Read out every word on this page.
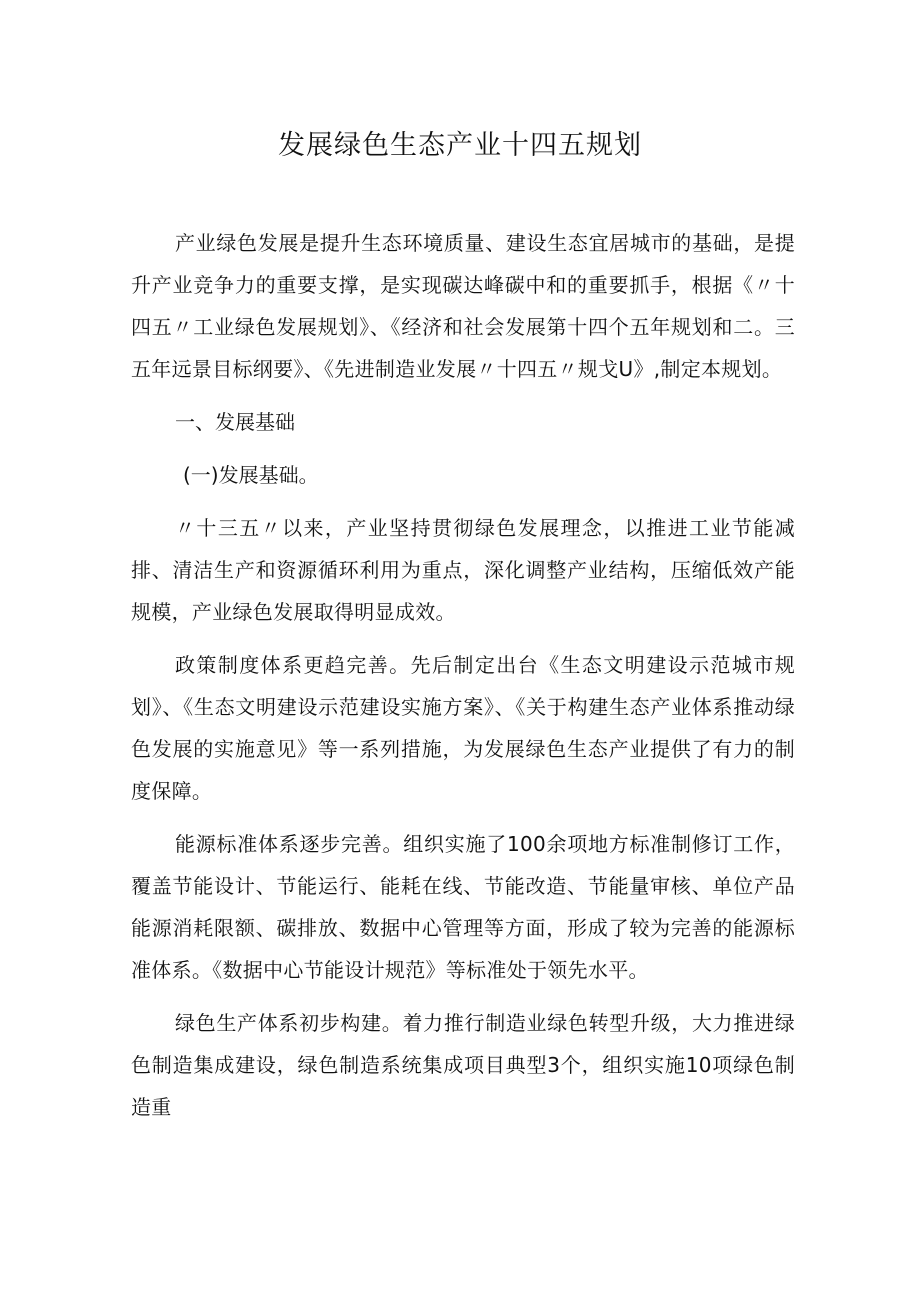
发展绿色生态产业十四五规划

产业绿色发展是提升生态环境质量、建设生态宜居城市的基础，是提升产业竞争力的重要支撑，是实现碳达峰碳中和的重要抓手，根据《〃十四五〃工业绿色发展规划》、《经济和社会发展第十四个五年规划和二。三五年远景目标纲要》、《先进制造业发展〃十四五〃规戈U》,制定本规划。

一、发展基础

(一)发展基础。

〃十三五〃以来，产业坚持贯彻绿色发展理念，以推进工业节能减排、清洁生产和资源循环利用为重点，深化调整产业结构，压缩低效产能规模，产业绿色发展取得明显成效。

政策制度体系更趋完善。先后制定出台《生态文明建设示范城市规划》、《生态文明建设示范建设实施方案》、《关于构建生态产业体系推动绿色发展的实施意见》等一系列措施，为发展绿色生态产业提供了有力的制度保障。

能源标准体系逐步完善。组织实施了100余项地方标准制修订工作，覆盖节能设计、节能运行、能耗在线、节能改造、节能量审核、单位产品能源消耗限额、碳排放、数据中心管理等方面，形成了较为完善的能源标准体系。《数据中心节能设计规范》等标准处于领先水平。

绿色生产体系初步构建。着力推行制造业绿色转型升级，大力推进绿色制造集成建设，绿色制造系统集成项目典型3个，组织实施10项绿色制造重
